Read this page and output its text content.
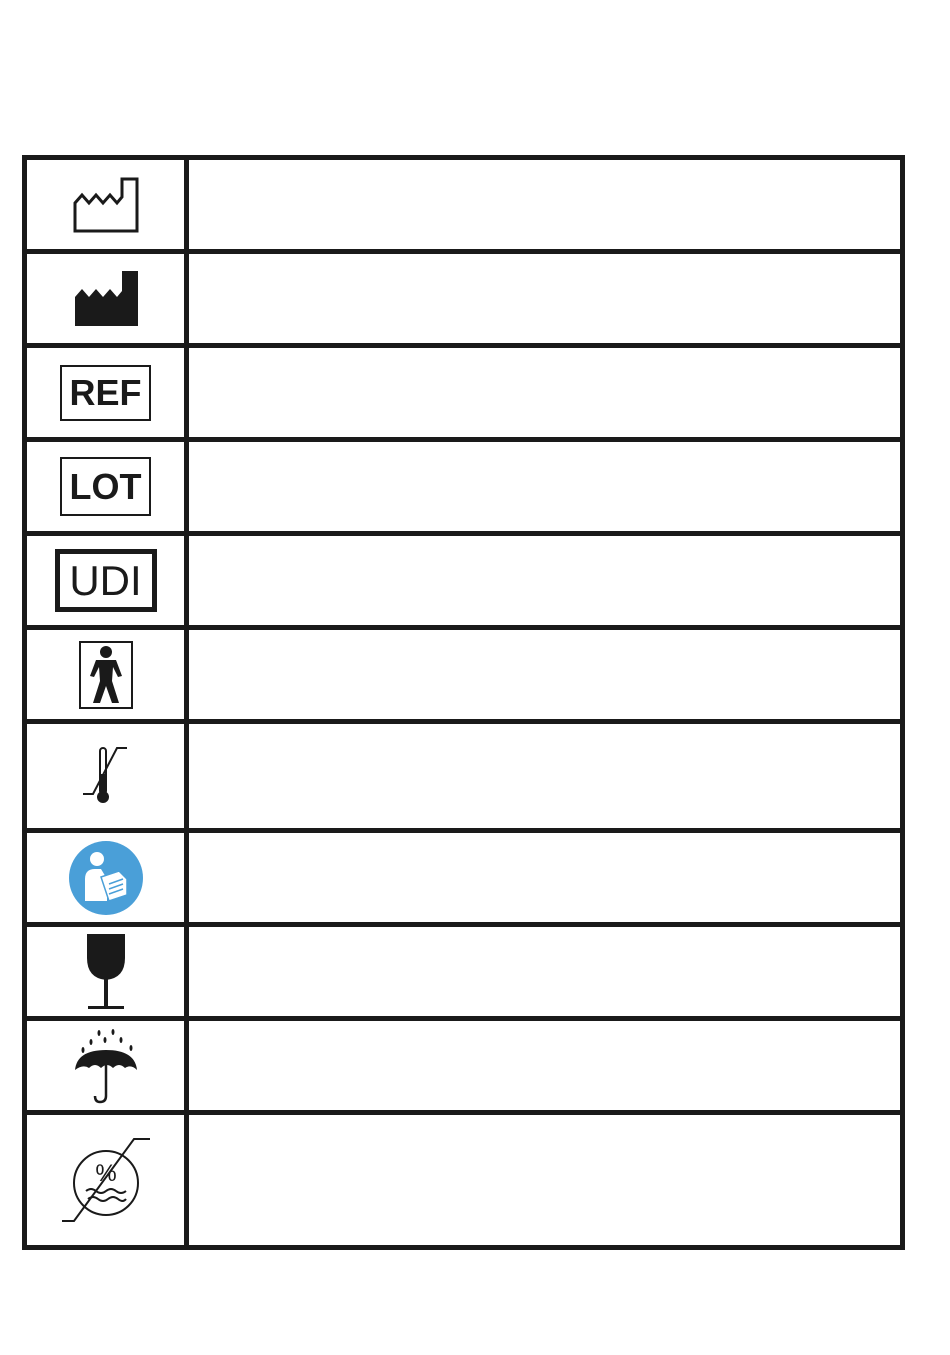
REF
LOT
UDI
%
